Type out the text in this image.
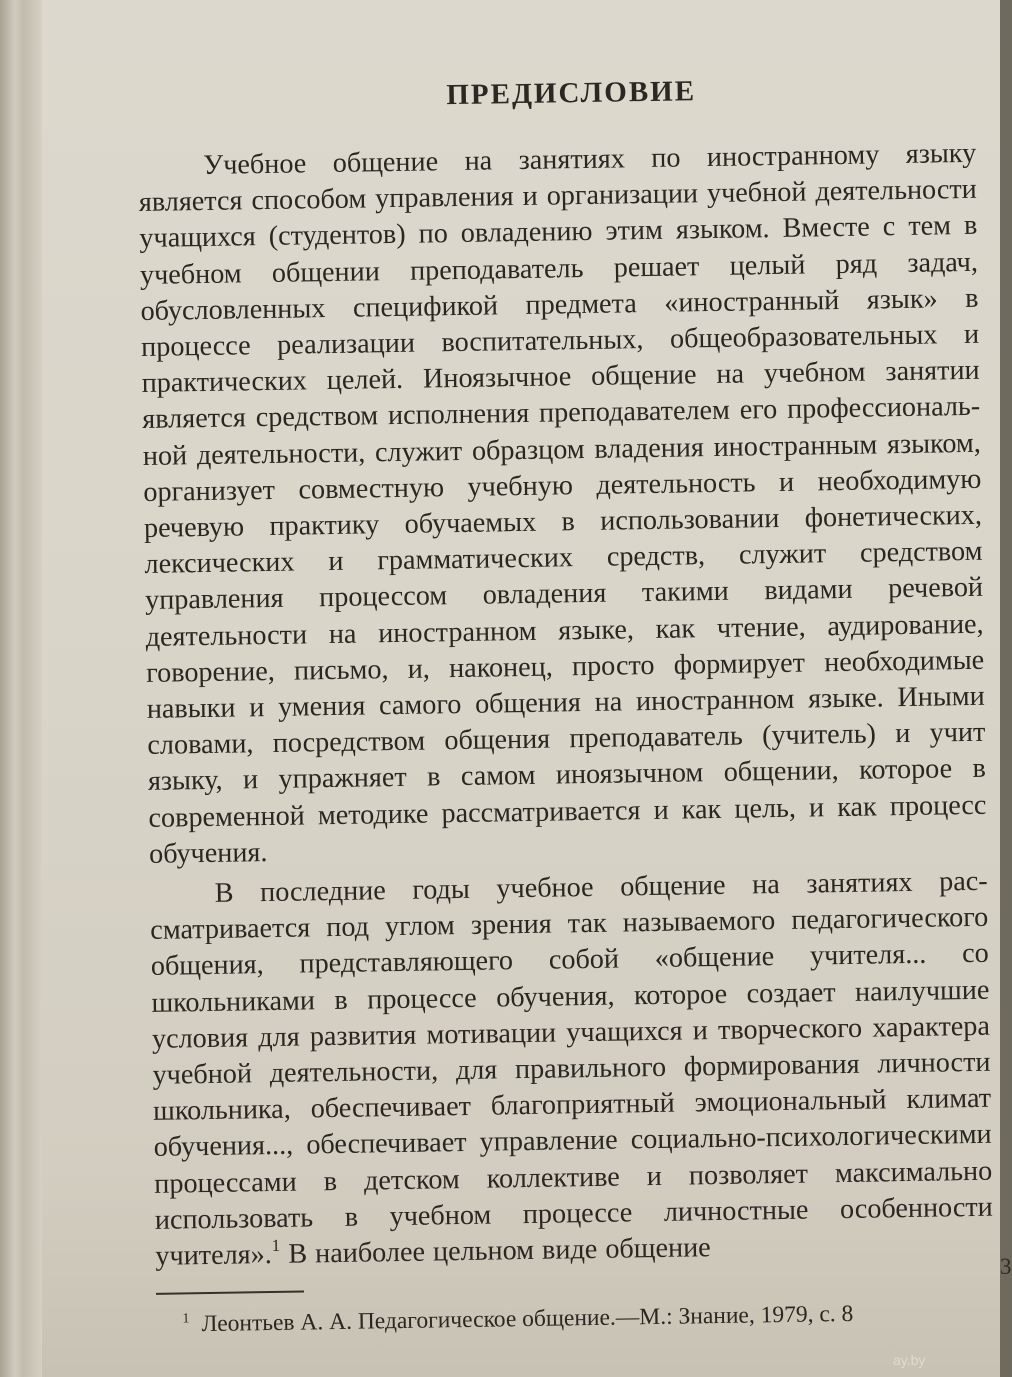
ПРЕДИСЛОВИЕ

Учебное общение на занятиях по иностранному языку является способом управления и организации учебной деятельности учащихся (студентов) по овладению этим языком. Вместе с тем в учебном общении преподаватель решает целый ряд задач, обусловленных спецификой предмета «иностранный язык» в процессе реализации воспитательных, общеобразовательных и практических целей. Иноязычное общение на учебном занятии является средством исполнения преподавателем его профессиональной деятельности, служит образцом владения иностранным языком, организует совместную учебную деятельность и необходимую речевую практику обучаемых в использовании фонетических, лексических и грамматических средств, служит средством управления процессом овладения такими видами речевой деятельности на иностранном языке, как чтение, аудирование, говорение, письмо, и, наконец, просто формирует необходимые навыки и умения самого общения на иностранном языке. Иными словами, посредством общения преподаватель (учитель) и учит языку, и упражняет в самом иноязычном общении, которое в современной методике рассматривается и как цель, и как процесс обучения.

В последние годы учебное общение на занятиях рассматривается под углом зрения так называемого педагогического общения, представляющего собой «общение учителя... со школьниками в процессе обучения, которое создает наилучшие условия для развития мотивации учащихся и творческого характера учебной деятельности, для правильного формирования личности школьника, обеспечивает благоприятный эмоциональный климат обучения..., обеспечивает управление социально-психологическими процессами в детском коллективе и позволяет максимально использовать в учебном процессе личностные особенности учителя».$^1$ В наиболее цельном виде общение

$^1$ Леонтьев А. А. Педагогическое общение.—М.: Знание, 1979, с. 8

3
ay.by
